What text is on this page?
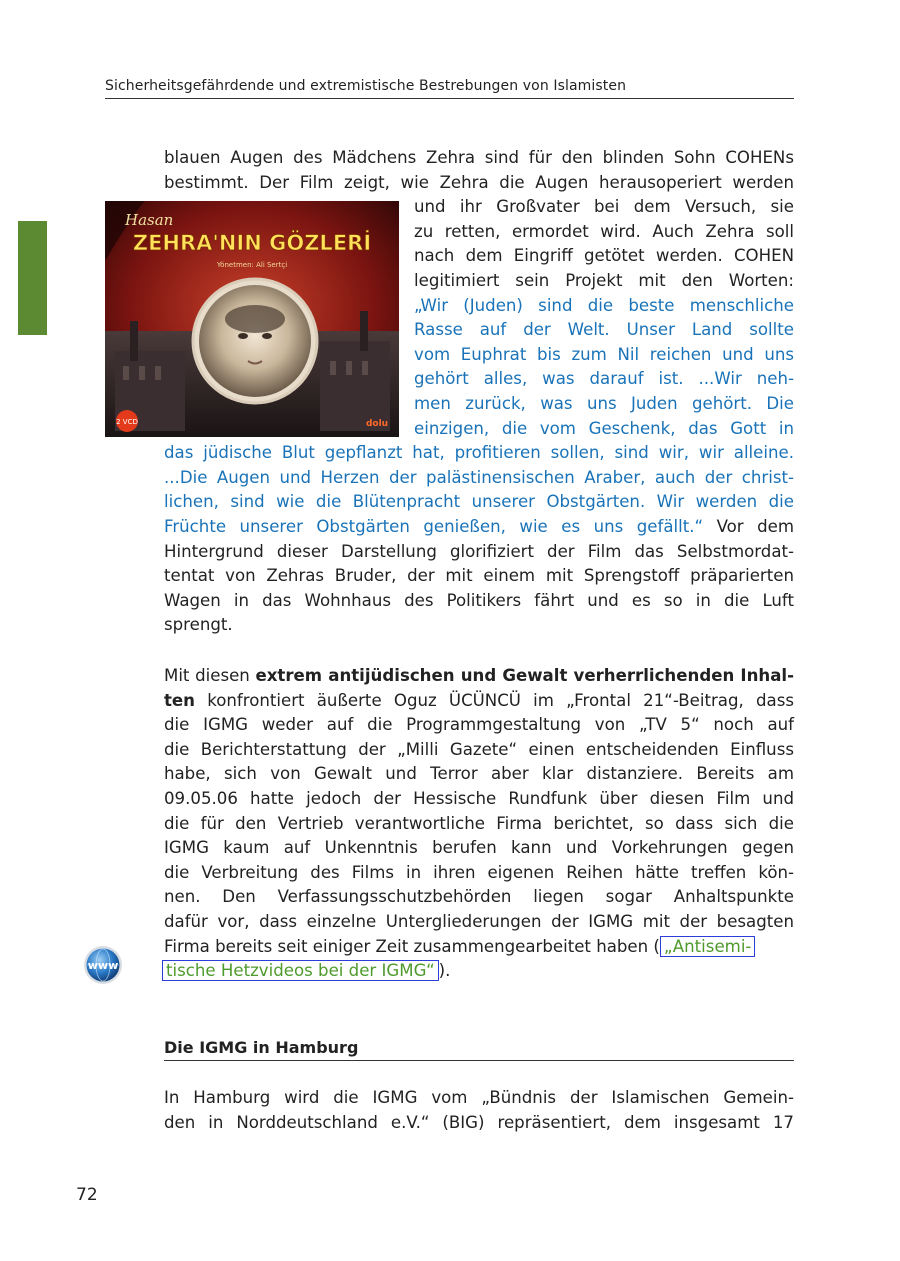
Sicherheitsgefährdende und extremistische Bestrebungen von Islamisten
Hasan
ZEHRA'NIN GÖZLERİ
Yönetmen: Ali Sertçi
2 VCD	dolu
blauen Augen des Mädchens Zehra sind für den blinden Sohn COHENs
bestimmt. Der Film zeigt, wie Zehra die Augen herausoperiert werden
und ihr Großvater bei dem Versuch, sie
zu retten, ermordet wird. Auch Zehra soll
nach dem Eingriff getötet werden. COHEN
legitimiert sein Projekt mit den Worten:
„Wir (Juden) sind die beste menschliche
Rasse auf der Welt. Unser Land sollte
vom Euphrat bis zum Nil reichen und uns
gehört alles, was darauf ist. ...Wir neh-
men zurück, was uns Juden gehört. Die
einzigen, die vom Geschenk, das Gott in
das jüdische Blut gepflanzt hat, profitieren sollen, sind wir, wir alleine.
...Die Augen und Herzen der palästinensischen Araber, auch der christ-
lichen, sind wie die Blütenpracht unserer Obstgärten. Wir werden die
Früchte unserer Obstgärten genießen, wie es uns gefällt.“ Vor dem
Hintergrund dieser Darstellung glorifiziert der Film das Selbstmordat-
tentat von Zehras Bruder, der mit einem mit Sprengstoff präparierten
Wagen in das Wohnhaus des Politikers fährt und es so in die Luft
sprengt.
Mit diesen extrem antijüdischen und Gewalt verherrlichenden Inhal-
ten konfrontiert äußerte Oguz ÜCÜNCÜ im „Frontal 21“-Beitrag, dass
die IGMG weder auf die Programmgestaltung von „TV 5“ noch auf
die Berichterstattung der „Milli Gazete“ einen entscheidenden Einfluss
habe, sich von Gewalt und Terror aber klar distanziere. Bereits am
09.05.06 hatte jedoch der Hessische Rundfunk über diesen Film und
die für den Vertrieb verantwortliche Firma berichtet, so dass sich die
IGMG kaum auf Unkenntnis berufen kann und Vorkehrungen gegen
die Verbreitung des Films in ihren eigenen Reihen hätte treffen kön-
nen. Den Verfassungsschutzbehörden liegen sogar Anhaltspunkte
dafür vor, dass einzelne Untergliederungen der IGMG mit der besagten
Firma bereits seit einiger Zeit zusammengearbeitet haben ( „Antisemi-
tische Hetzvideos bei der IGMG“ ).
www
Die IGMG in Hamburg
In Hamburg wird die IGMG vom „Bündnis der Islamischen Gemein-
den in Norddeutschland e.V.“ (BIG) repräsentiert, dem insgesamt 17
72
